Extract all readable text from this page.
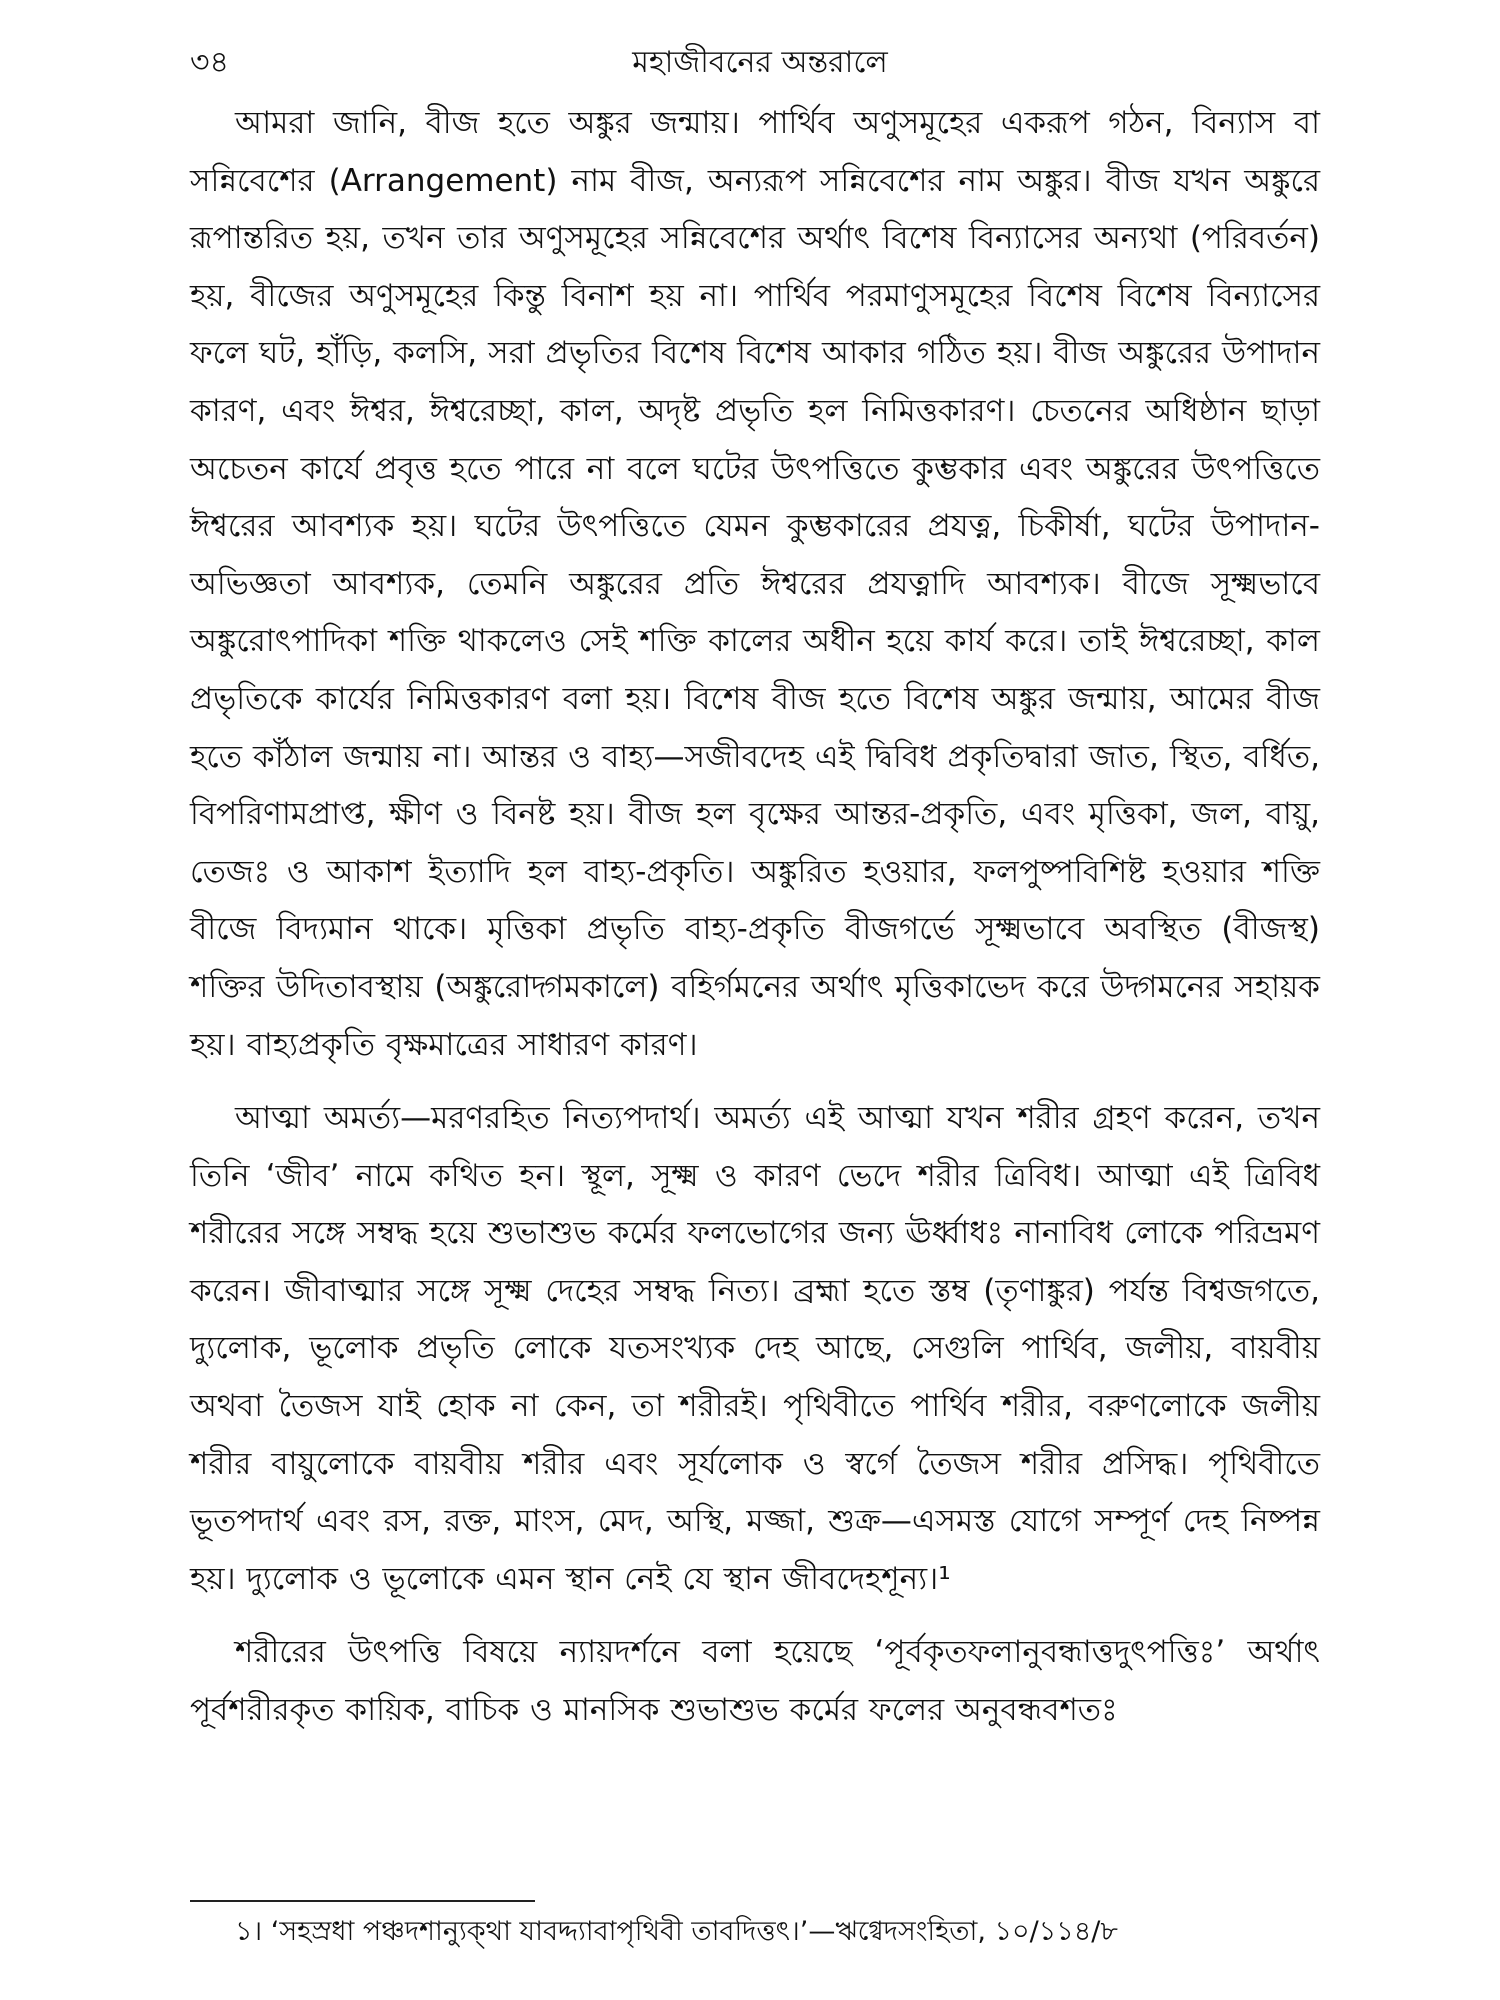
৩৪	মহাজীবনের অন্তরালে

আমরা জানি, বীজ হতে অঙ্কুর জন্মায়। পার্থিব অণুসমূহের একরূপ গঠন, বিন্যাস বা সন্নিবেশের (Arrangement) নাম বীজ, অন্যরূপ সন্নিবেশের নাম অঙ্কুর। বীজ যখন অঙ্কুরে রূপান্তরিত হয়, তখন তার অণুসমূহের সন্নিবেশের অর্থাৎ বিশেষ বিন্যাসের অন্যথা (পরিবর্তন) হয়, বীজের অণুসমূহের কিন্তু বিনাশ হয় না। পার্থিব পরমাণুসমূহের বিশেষ বিশেষ বিন্যাসের ফলে ঘট, হাঁড়ি, কলসি, সরা প্রভৃতির বিশেষ বিশেষ আকার গঠিত হয়। বীজ অঙ্কুরের উপাদান কারণ, এবং ঈশ্বর, ঈশ্বরেচ্ছা, কাল, অদৃষ্ট প্রভৃতি হল নিমিত্তকারণ। চেতনের অধিষ্ঠান ছাড়া অচেতন কার্যে প্রবৃত্ত হতে পারে না বলে ঘটের উৎপত্তিতে কুম্ভকার এবং অঙ্কুরের উৎপত্তিতে ঈশ্বরের আবশ্যক হয়। ঘটের উৎপত্তিতে যেমন কুম্ভকারের প্রযত্ন, চিকীর্ষা, ঘটের উপাদান-অভিজ্ঞতা আবশ্যক, তেমনি অঙ্কুরের প্রতি ঈশ্বরের প্রযত্নাদি আবশ্যক। বীজে সূক্ষ্মভাবে অঙ্কুরোৎপাদিকা শক্তি থাকলেও সেই শক্তি কালের অধীন হয়ে কার্য করে। তাই ঈশ্বরেচ্ছা, কাল প্রভৃতিকে কার্যের নিমিত্তকারণ বলা হয়। বিশেষ বীজ হতে বিশেষ অঙ্কুর জন্মায়, আমের বীজ হতে কাঁঠাল জন্মায় না। আন্তর ও বাহ্য—সজীবদেহ এই দ্বিবিধ প্রকৃতিদ্বারা জাত, স্থিত, বর্ধিত, বিপরিণামপ্রাপ্ত, ক্ষীণ ও বিনষ্ট হয়। বীজ হল বৃক্ষের আন্তর-প্রকৃতি, এবং মৃত্তিকা, জল, বায়ু, তেজঃ ও আকাশ ইত্যাদি হল বাহ্য-প্রকৃতি। অঙ্কুরিত হওয়ার, ফলপুষ্পবিশিষ্ট হওয়ার শক্তি বীজে বিদ্যমান থাকে। মৃত্তিকা প্রভৃতি বাহ্য-প্রকৃতি বীজগর্ভে সূক্ষ্মভাবে অবস্থিত (বীজস্থ) শক্তির উদিতাবস্থায় (অঙ্কুরোদ্গমকালে) বহির্গমনের অর্থাৎ মৃত্তিকাভেদ করে উদ্গমনের সহায়ক হয়। বাহ্যপ্রকৃতি বৃক্ষমাত্রের সাধারণ কারণ।

আত্মা অমর্ত্য—মরণরহিত নিত্যপদার্থ। অমর্ত্য এই আত্মা যখন শরীর গ্রহণ করেন, তখন তিনি ‘জীব’ নামে কথিত হন। স্থূল, সূক্ষ্ম ও কারণ ভেদে শরীর ত্রিবিধ। আত্মা এই ত্রিবিধ শরীরের সঙ্গে সম্বদ্ধ হয়ে শুভাশুভ কর্মের ফলভোগের জন্য ঊর্ধ্বাধঃ নানাবিধ লোকে পরিভ্রমণ করেন। জীবাত্মার সঙ্গে সূক্ষ্ম দেহের সম্বদ্ধ নিত্য। ব্রহ্মা হতে স্তম্ব (তৃণাঙ্কুর) পর্যন্ত বিশ্বজগতে, দ্যুলোক, ভূলোক প্রভৃতি লোকে যতসংখ্যক দেহ আছে, সেগুলি পার্থিব, জলীয়, বায়বীয় অথবা তৈজস যাই হোক না কেন, তা শরীরই। পৃথিবীতে পার্থিব শরীর, বরুণলোকে জলীয় শরীর বায়ুলোকে বায়বীয় শরীর এবং সূর্যলোক ও স্বর্গে তৈজস শরীর প্রসিদ্ধ। পৃথিবীতে ভূতপদার্থ এবং রস, রক্ত, মাংস, মেদ, অস্থি, মজ্জা, শুক্র—এসমস্ত যোগে সম্পূর্ণ দেহ নিষ্পন্ন হয়। দ্যুলোক ও ভূলোকে এমন স্থান নেই যে স্থান জীবদেহশূন্য।¹

শরীরের উৎপত্তি বিষয়ে ন্যায়দর্শনে বলা হয়েছে ‘পূর্বকৃতফলানুবন্ধাত্তদুৎপত্তিঃ’ অর্থাৎ পূর্বশরীরকৃত কায়িক, বাচিক ও মানসিক শুভাশুভ কর্মের ফলের অনুবন্ধবশতঃ

১। ‘সহস্রধা পঞ্চদশান্যুক্থা যাবদ্দ্যাবাপৃথিবী তাবদিত্তৎ।’—ঋগ্বেদসংহিতা, ১০/১১৪/৮
